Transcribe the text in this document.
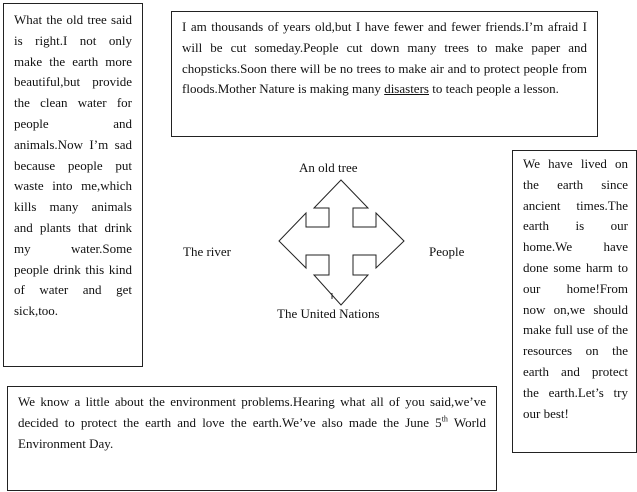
What the old tree said is right.I not only make the earth more beautiful,but provide the clean water for people and animals.Now I’m sad because people put waste into me,which kills many animals and plants that drink my water.Some people drink this kind of water and get sick,too.
I am thousands of years old,but I have fewer and fewer friends.I’m afraid I will be cut someday.People cut down many trees to make paper and chopsticks.Soon there will be no trees to make air and to protect people from floods.Mother Nature is making many disasters to teach people a lesson.
We have lived on the earth since ancient times.The earth is our home.We have done some harm to our home!From now on,we should make full use of the resources on the earth and protect the earth.Let’s try our best!
We know a little about the environment problems.Hearing what all of you said,we’ve decided to protect the earth and love the earth.We’ve also made the June 5th World Environment Day.
An old tree
The river	People
The United Nations
